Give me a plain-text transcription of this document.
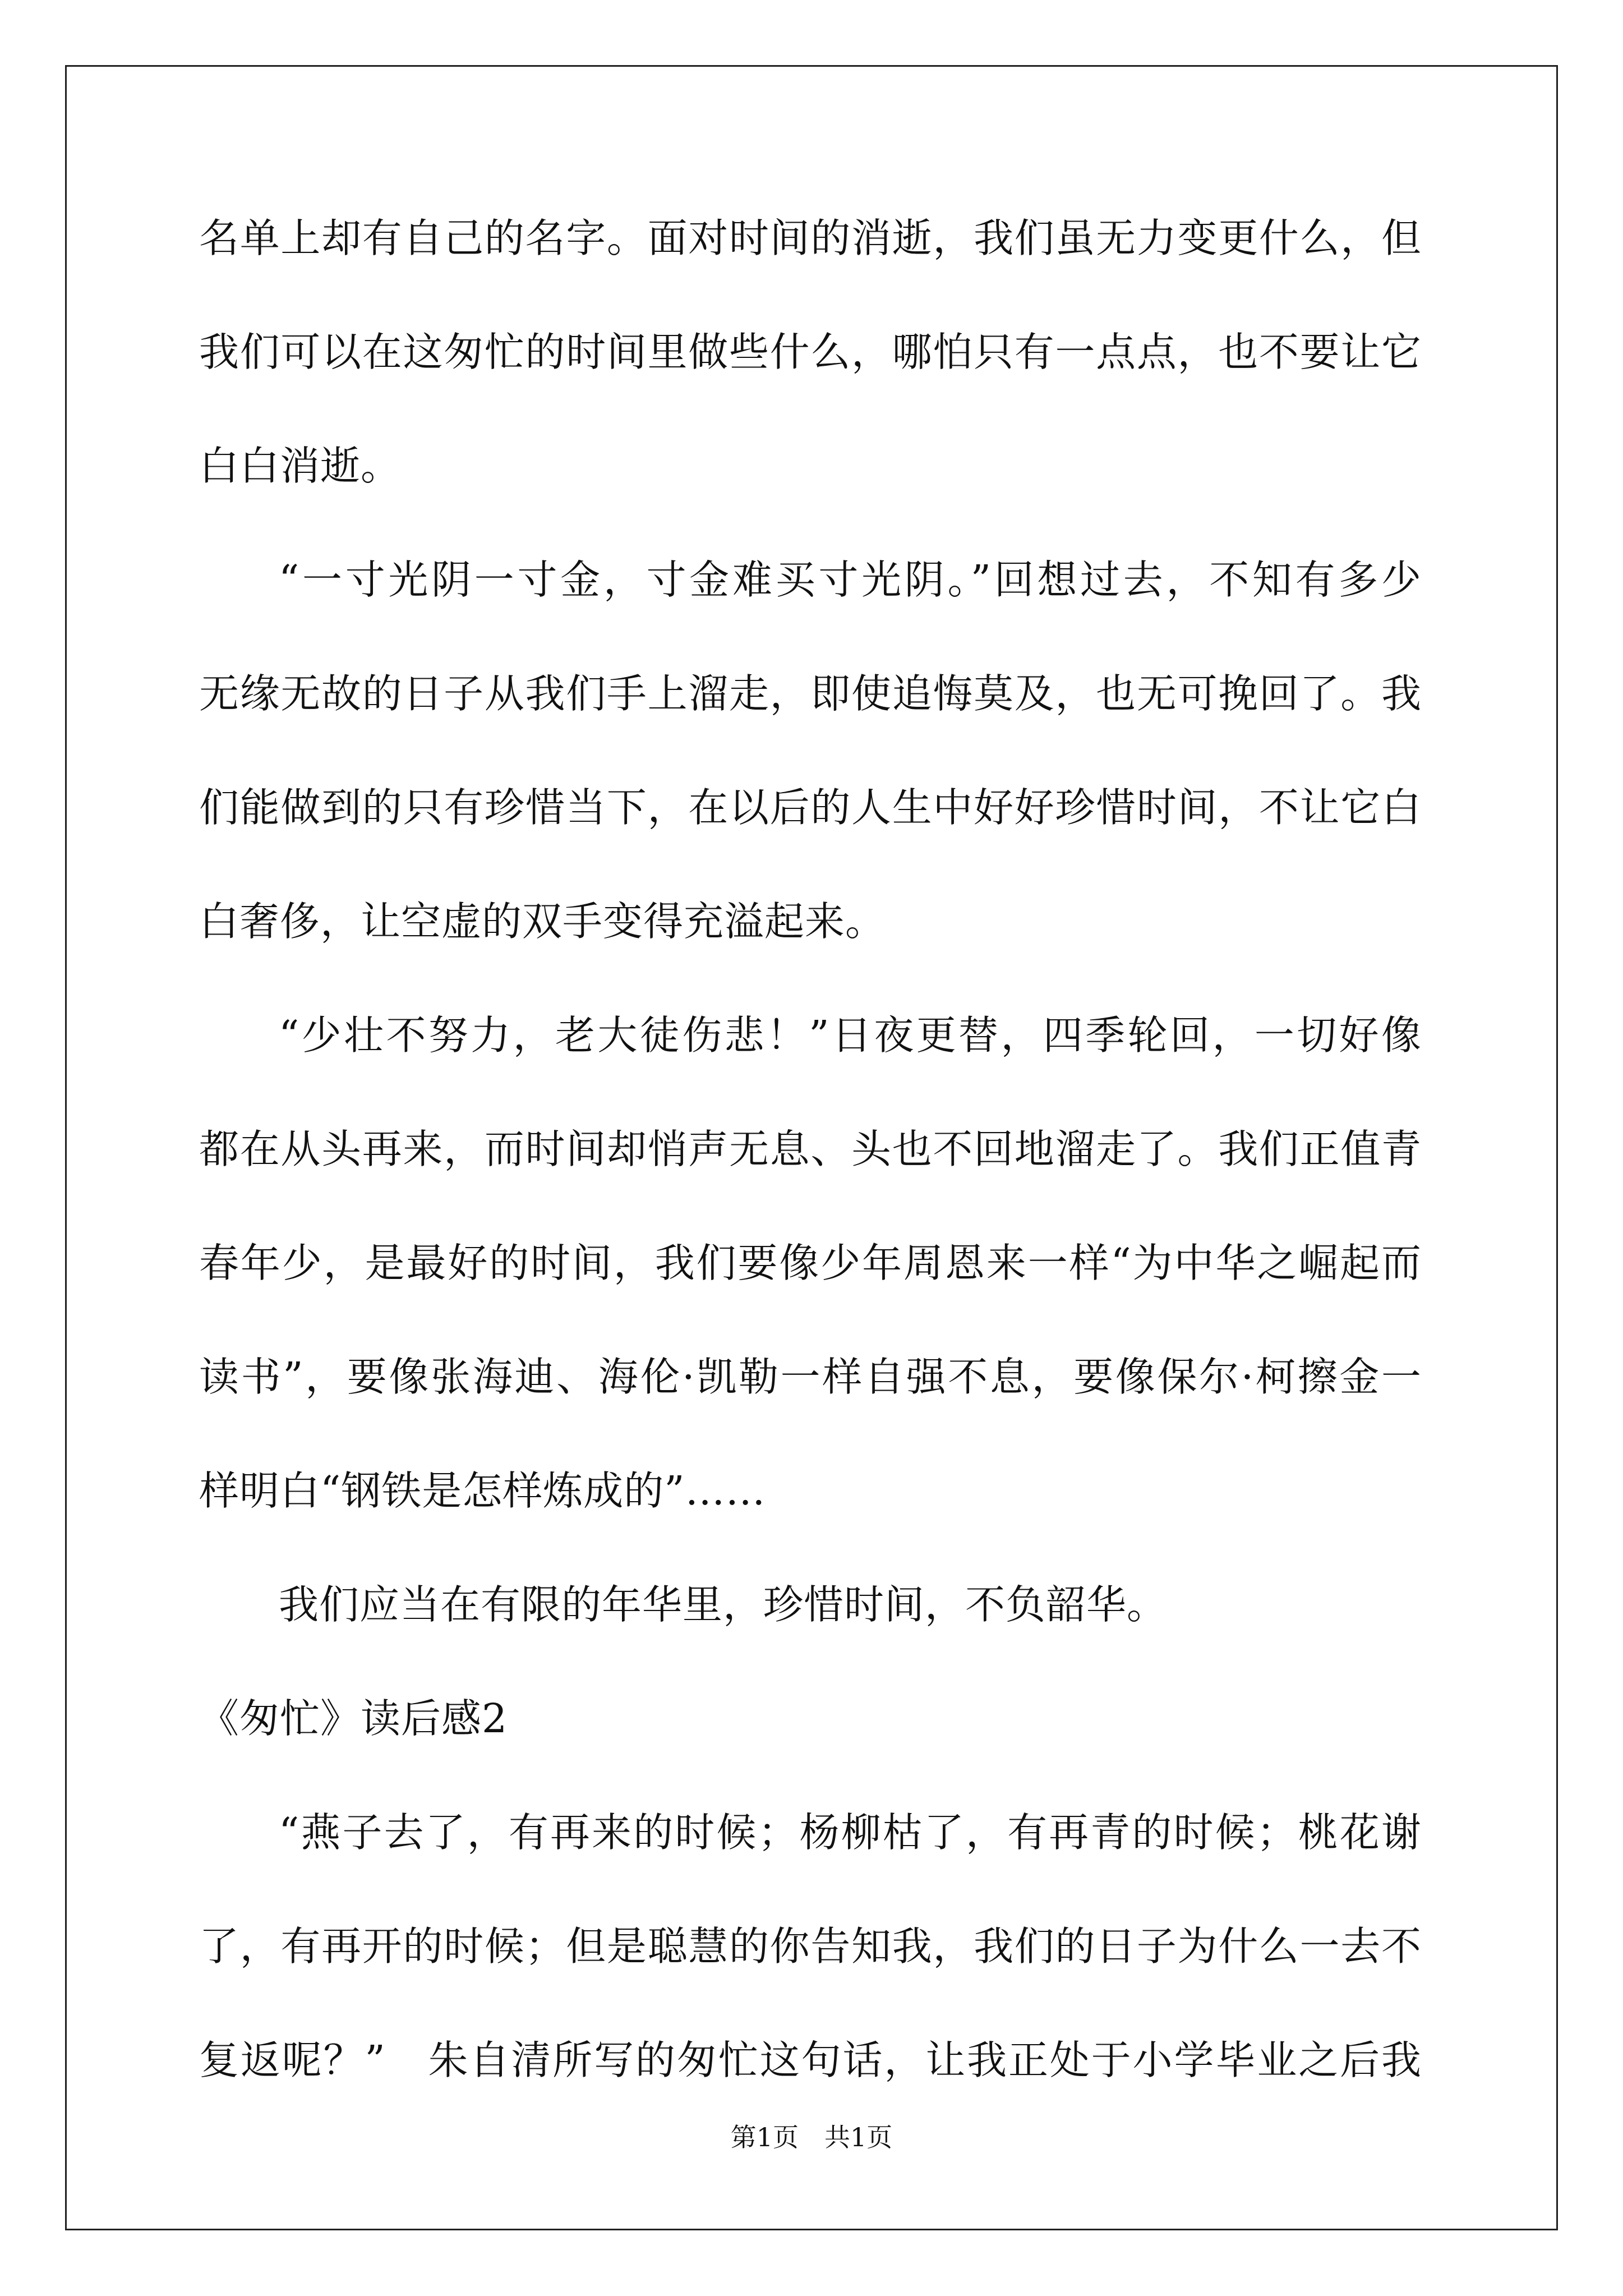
名单上却有自己的名字。面对时间的消逝，我们虽无力变更什么，但
我们可以在这匆忙的时间里做些什么，哪怕只有一点点，也不要让它
白白消逝。
“一寸光阴一寸金，寸金难买寸光阴。”回想过去，不知有多少
无缘无故的日子从我们手上溜走，即使追悔莫及，也无可挽回了。我
们能做到的只有珍惜当下，在以后的人生中好好珍惜时间，不让它白
白奢侈，让空虚的双手变得充溢起来。
“少壮不努力，老大徒伤悲！”日夜更替，四季轮回，一切好像
都在从头再来，而时间却悄声无息、头也不回地溜走了。我们正值青
春年少，是最好的时间，我们要像少年周恩来一样“为中华之崛起而
读书”，要像张海迪、海伦·凯勒一样自强不息，要像保尔·柯擦金一
样明白“钢铁是怎样炼成的”……
我们应当在有限的年华里，珍惜时间，不负韶华。
《匆忙》读后感2
“燕子去了，有再来的时候；杨柳枯了，有再青的时候；桃花谢
了，有再开的时候；但是聪慧的你告知我，我们的日子为什么一去不
复返呢？”　朱自清所写的匆忙这句话，让我正处于小学毕业之后我
第1页　共1页
